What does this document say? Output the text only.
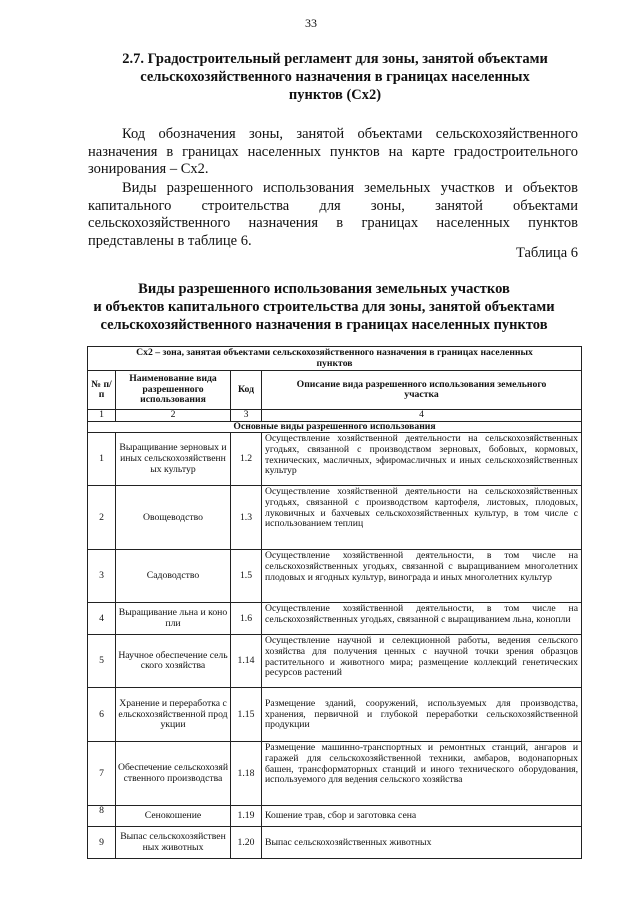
33
2.7. Градостроительный регламент для зоны, занятой объектами
сельскохозяйственного назначения в границах населенных
пунктов (Сх2)
Код обозначения зоны, занятой объектами сельскохозяйственного
назначения в границах населенных пунктов на карте градостроительного
зонирования – Сх2.
Виды разрешенного использования земельных участков и объектов
капитального строительства для зоны, занятой объектами
сельскохозяйственного назначения в границах населенных пунктов
представлены в таблице 6.
Таблица 6
Виды разрешенного использования земельных участков
и объектов капитального строительства для зоны, занятой объектами
сельскохозяйственного назначения в границах населенных пунктов
Сх2 – зона, занятая объектами сельскохозяйственного назначения в границах населенных пунктов			
№ п/п	Наименование вида разрешенного использования	Код	Описание вида разрешенного использования земельного участка
1	2	3	4
Основные виды разрешенного использования			
1	Выращивание зерновых и иных сельскохозяйственных культур	1.2	Осуществление хозяйственной деятельности на сельскохозяйственных угодьях, связанной с производством зерновых, бобовых, кормовых, технических, масличных, эфиромасличных и иных сельскохозяйственных культур
2	Овощеводство	1.3	Осуществление хозяйственной деятельности на сельскохозяйственных угодьях, связанной с производством картофеля, листовых, плодовых, луковичных и бахчевых сельскохозяйственных культур, в том числе с использованием теплиц
3	Садоводство	1.5	Осуществление хозяйственной деятельности, в том числе на сельскохозяйственных угодьях, связанной с выращиванием многолетних плодовых и ягодных культур, винограда и иных многолетних культур
4	Выращивание льна и конопли	1.6	Осуществление хозяйственной деятельности, в том числе на сельскохозяйственных угодьях, связанной с выращиванием льна, конопли
5	Научное обеспечение сельского хозяйства	1.14	Осуществление научной и селекционной работы, ведения сельского хозяйства для получения ценных с научной точки зрения образцов растительного и животного мира; размещение коллекций генетических ресурсов растений
6	Хранение и переработка сельскохозяйственной продукции	1.15	Размещение зданий, сооружений, используемых для производства, хранения, первичной и глубокой переработки сельскохозяйственной продукции
7	Обеспечение сельскохозяйственного производства	1.18	Размещение машинно-транспортных и ремонтных станций, ангаров и гаражей для сельскохозяйственной техники, амбаров, водонапорных башен, трансформаторных станций и иного технического оборудования, используемого для ведения сельского хозяйства
8	Сенокошение	1.19	Кошение трав, сбор и заготовка сена
9	Выпас сельскохозяйственных животных	1.20	Выпас сельскохозяйственных животных
